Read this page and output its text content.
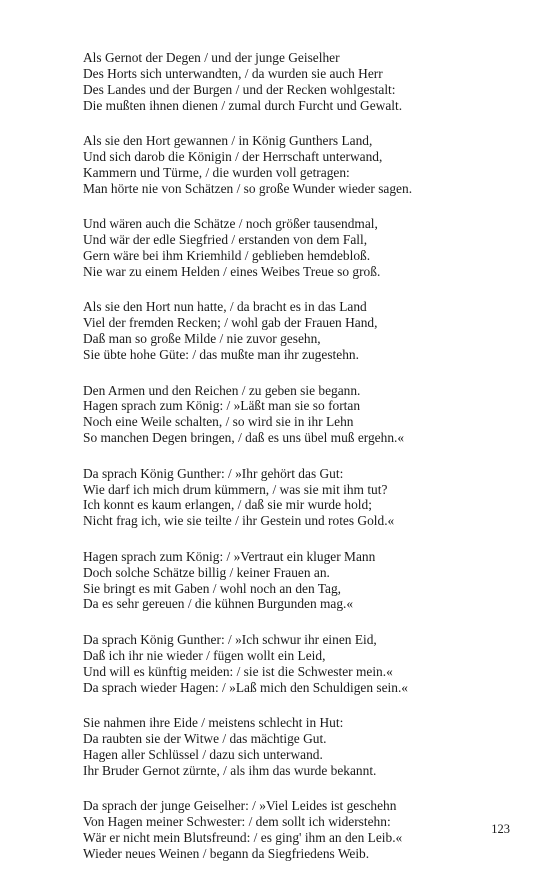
Als Gernot der Degen / und der junge Geiselher
Des Horts sich unterwandten, / da wurden sie auch Herr
Des Landes und der Burgen / und der Recken wohlgestalt:
Die mußten ihnen dienen / zumal durch Furcht und Gewalt.
Als sie den Hort gewannen / in König Gunthers Land,
Und sich darob die Königin / der Herrschaft unterwand,
Kammern und Türme, / die wurden voll getragen:
Man hörte nie von Schätzen / so große Wunder wieder sagen.
Und wären auch die Schätze / noch größer tausendmal,
Und wär der edle Siegfried / erstanden von dem Fall,
Gern wäre bei ihm Kriemhild / geblieben hemdebloß.
Nie war zu einem Helden / eines Weibes Treue so groß.
Als sie den Hort nun hatte, / da bracht es in das Land
Viel der fremden Recken; / wohl gab der Frauen Hand,
Daß man so große Milde / nie zuvor gesehn,
Sie übte hohe Güte: / das mußte man ihr zugestehn.
Den Armen und den Reichen / zu geben sie begann.
Hagen sprach zum König: / »Läßt man sie so fortan
Noch eine Weile schalten, / so wird sie in ihr Lehn
So manchen Degen bringen, / daß es uns übel muß ergehn.«
Da sprach König Gunther: / »Ihr gehört das Gut:
Wie darf ich mich drum kümmern, / was sie mit ihm tut?
Ich konnt es kaum erlangen, / daß sie mir wurde hold;
Nicht frag ich, wie sie teilte / ihr Gestein und rotes Gold.«
Hagen sprach zum König: / »Vertraut ein kluger Mann
Doch solche Schätze billig / keiner Frauen an.
Sie bringt es mit Gaben / wohl noch an den Tag,
Da es sehr gereuen / die kühnen Burgunden mag.«
Da sprach König Gunther: / »Ich schwur ihr einen Eid,
Daß ich ihr nie wieder / fügen wollt ein Leid,
Und will es künftig meiden: / sie ist die Schwester mein.«
Da sprach wieder Hagen: / »Laß mich den Schuldigen sein.«
Sie nahmen ihre Eide / meistens schlecht in Hut:
Da raubten sie der Witwe / das mächtige Gut.
Hagen aller Schlüssel / dazu sich unterwand.
Ihr Bruder Gernot zürnte, / als ihm das wurde bekannt.
Da sprach der junge Geiselher: / »Viel Leides ist geschehn
Von Hagen meiner Schwester: / dem sollt ich widerstehn:
Wär er nicht mein Blutsfreund: / es ging' ihm an den Leib.«
Wieder neues Weinen / begann da Siegfriedens Weib.
123
